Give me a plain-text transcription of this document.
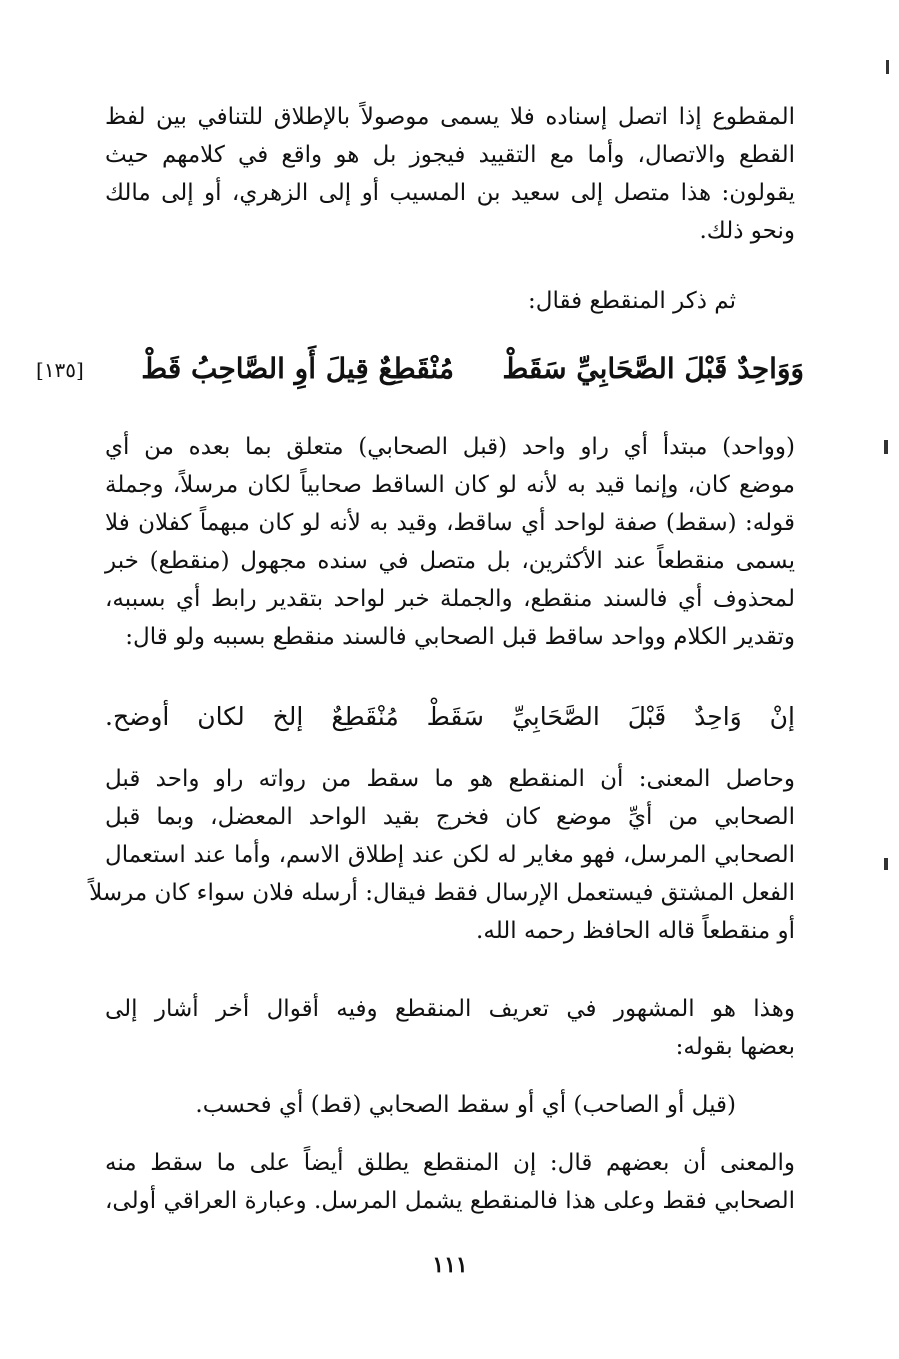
المقطوع إذا اتصل إسناده فلا يسمى موصولاً بالإطلاق للتنافي بين لفظ
القطع والاتصال، وأما مع التقييد فيجوز بل هو واقع في كلامهم حيث
يقولون: هذا متصل إلى سعيد بن المسيب أو إلى الزهري، أو إلى مالك
ونحو ذلك.
ثم ذكر المنقطع فقال:
وَوَاحِدٌ قَبْلَ الصَّحَابِيِّ سَقَطْ
مُنْقَطِعٌ قِيلَ أَوِ الصَّاحِبُ قَطْ
[١٣٥]
(وواحد) مبتدأ أي راو واحد (قبل الصحابي) متعلق بما بعده من أي
موضع كان، وإنما قيد به لأنه لو كان الساقط صحابياً لكان مرسلاً، وجملة
قوله: (سقط) صفة لواحد أي ساقط، وقيد به لأنه لو كان مبهماً كفلان فلا
يسمى منقطعاً عند الأكثرين، بل متصل في سنده مجهول (منقطع) خبر
لمحذوف أي فالسند منقطع، والجملة خبر لواحد بتقدير رابط أي بسببه،
وتقدير الكلام وواحد ساقط قبل الصحابي فالسند منقطع بسببه ولو قال:
إنْ وَاحِدٌ قَبْلَ الصَّحَابِيِّ سَقَطْ مُنْقَطِعٌ إلخ لكان أوضح.
وحاصل المعنى: أن المنقطع هو ما سقط من رواته راو واحد قبل
الصحابي من أيِّ موضع كان فخرج بقيد الواحد المعضل، وبما قبل
الصحابي المرسل، فهو مغاير له لكن عند إطلاق الاسم، وأما عند استعمال
الفعل المشتق فيستعمل الإرسال فقط فيقال: أرسله فلان سواء كان مرسلاً
أو منقطعاً قاله الحافظ رحمه الله.
وهذا هو المشهور في تعريف المنقطع وفيه أقوال أخر أشار إلى
بعضها بقوله:
(قيل أو الصاحب) أي أو سقط الصحابي (قط) أي فحسب.
والمعنى أن بعضهم قال: إن المنقطع يطلق أيضاً على ما سقط منه
الصحابي فقط وعلى هذا فالمنقطع يشمل المرسل. وعبارة العراقي أولى،
١١١
